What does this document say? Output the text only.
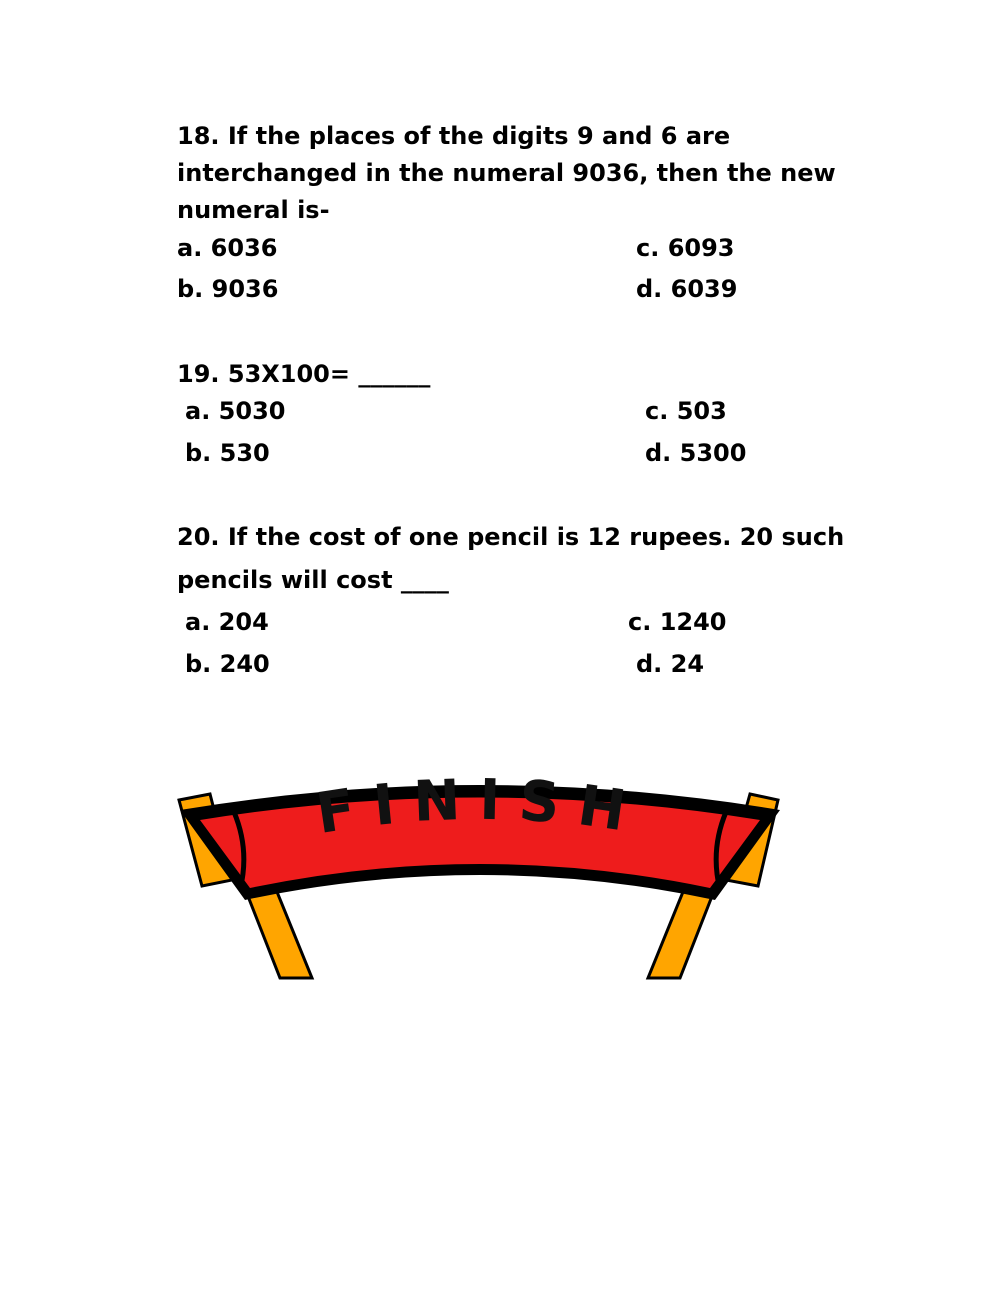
18. If the places of the digits 9 and 6 are
interchanged in the numeral 9036, then the new
numeral is-
a. 6036	c. 6093
b. 9036	d. 6039
19. 53X100= ______
a. 5030	c. 503
b. 530	d. 5300
20. If the cost of one pencil is 12 rupees. 20 such
pencils will cost ____
a. 204	c. 1240
b. 240	d. 24
FINISH
